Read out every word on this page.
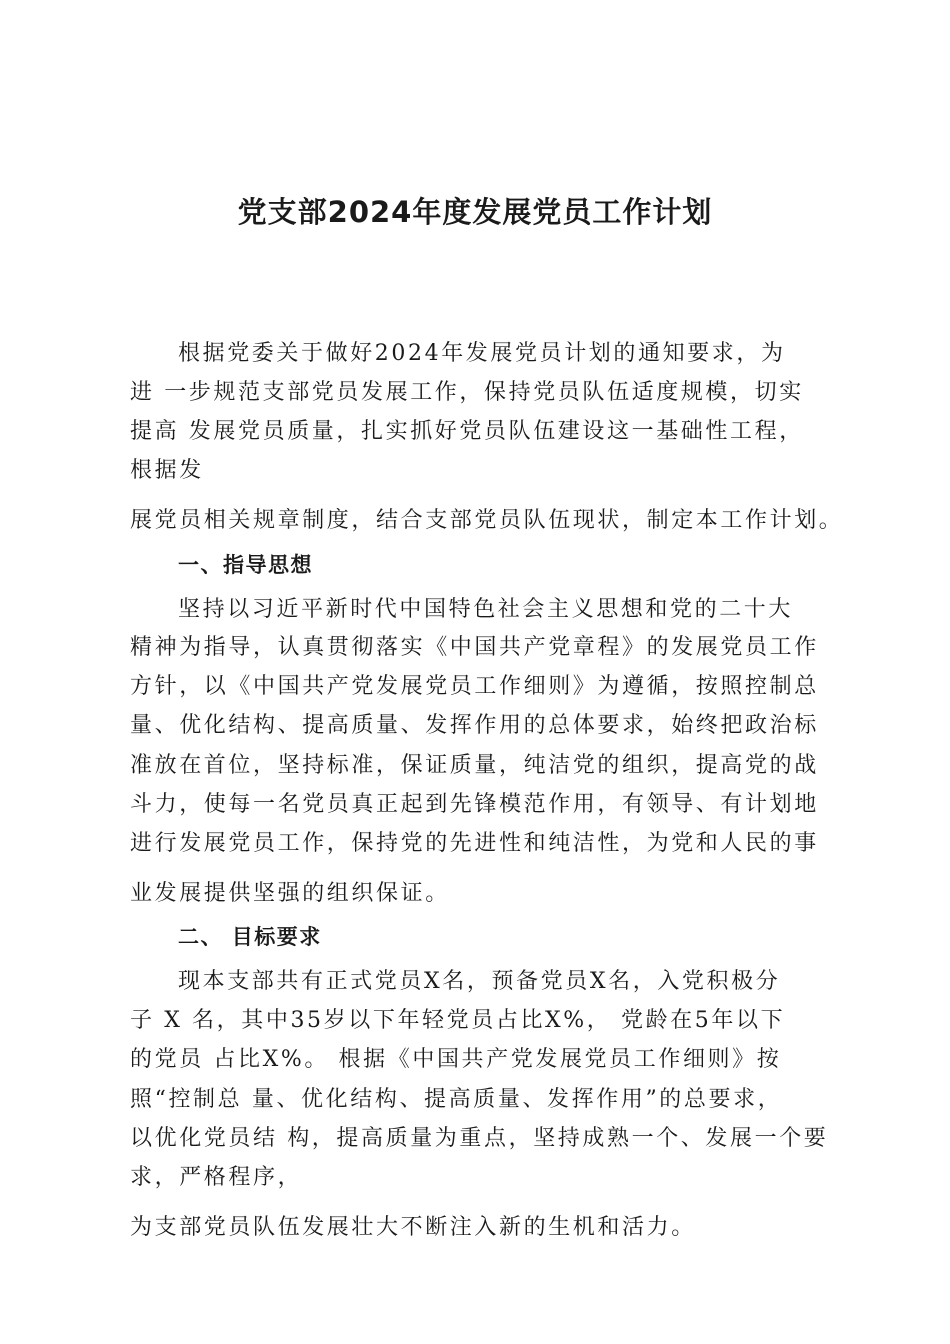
党支部2024年度发展党员工作计划
根据党委关于做好2024年发展党员计划的通知要求，为
进 一步规范支部党员发展工作，保持党员队伍适度规模，切实
提高 发展党员质量，扎实抓好党员队伍建设这一基础性工程，
根据发
展党员相关规章制度，结合支部党员队伍现状，制定本工作计划。
一、指导思想
坚持以习近平新时代中国特色社会主义思想和党的二十大
精神为指导，认真贯彻落实《中国共产党章程》的发展党员工作
方针，以《中国共产党发展党员工作细则》为遵循，按照控制总
量、优化结构、提高质量、发挥作用的总体要求，始终把政治标
准放在首位，坚持标准，保证质量，纯洁党的组织，提高党的战
斗力，使每一名党员真正起到先锋模范作用，有领导、有计划地
进行发展党员工作，保持党的先进性和纯洁性，为党和人民的事
业发展提供坚强的组织保证。
二、 目标要求
现本支部共有正式党员X名，预备党员X名，入党积极分
子 X 名，其中35岁以下年轻党员占比X%， 党龄在5年以下
的党员 占比X%。 根据《中国共产党发展党员工作细则》按
照“控制总 量、优化结构、提高质量、发挥作用”的总要求，
以优化党员结 构，提高质量为重点，坚持成熟一个、发展一个要
求，严格程序，
为支部党员队伍发展壮大不断注入新的生机和活力。
